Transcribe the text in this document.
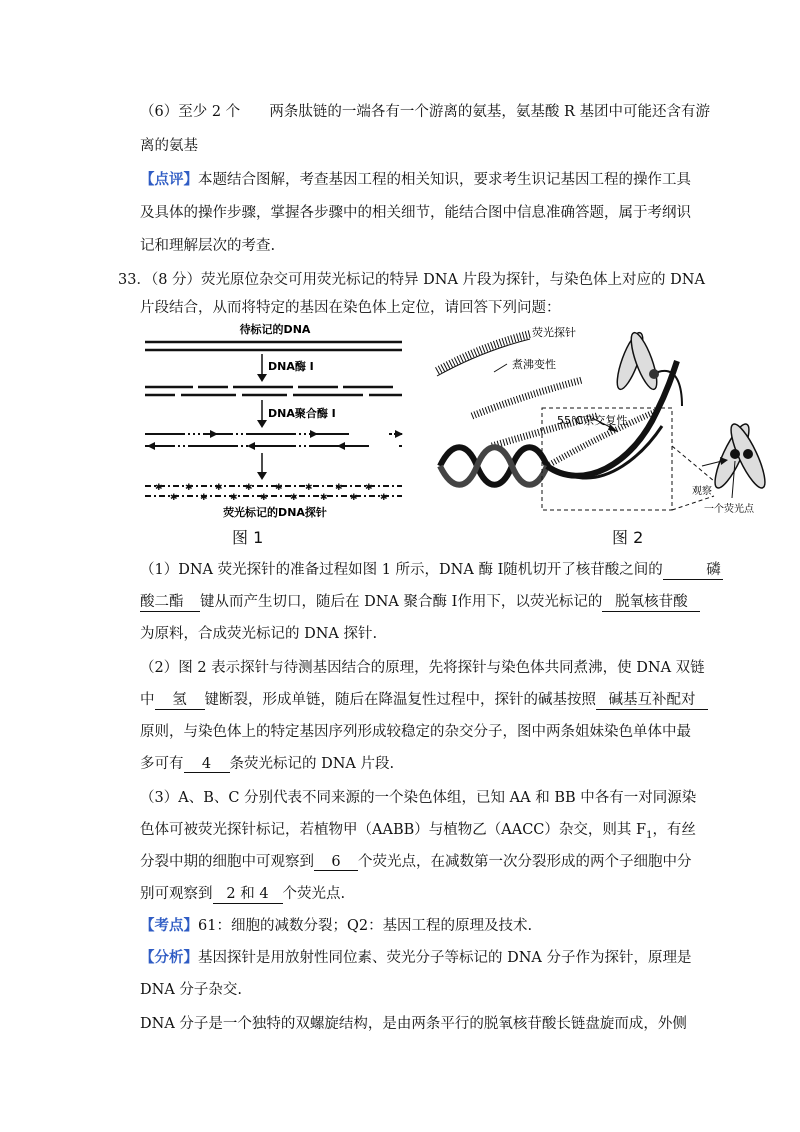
（6）至少 2 个 两条肽链的一端各有一个游离的氨基，氨基酸 R 基团中可能还含有游
离的氨基
【点评】本题结合图解，考查基因工程的相关知识，要求考生识记基因工程的操作工具
及具体的操作步骤，掌握各步骤中的相关细节，能结合图中信息准确答题，属于考纲识
记和理解层次的考查.
33．（8 分）荧光原位杂交可用荧光标记的特异 DNA 片段为探针，与染色体上对应的 DNA
片段结合，从而将特定的基因在染色体上定位，请回答下列问题：
待标记的DNA
DNA酶 I
DNA聚合酶 I
✱ ✱ ✱ ✱ ✱ ✱ ✱ ✱
✱ ✱ ✱ ✱ ✱ ✱ ✱ ✱
荧光标记的DNA探针
图 1
荧光探针
煮沸变性
55℃杂交复性
观察
一个荧光点
图 2
（1）DNA 荧光探针的准备过程如图 1 所示，DNA 酶 Ⅰ随机切开了核苷酸之间的	磷
酸二酯 键从而产生切口，随后在 DNA 聚合酶 Ⅰ作用下，以荧光标记的 脱氧核苷酸
为原料，合成荧光标记的 DNA 探针.
（2）图 2 表示探针与待测基因结合的原理，先将探针与染色体共同煮沸，使 DNA 双链
中 氢 键断裂，形成单链，随后在降温复性过程中，探针的碱基按照 碱基互补配对
原则，与染色体上的特定基因序列形成较稳定的杂交分子，图中两条姐妹染色单体中最
多可有 4 条荧光标记的 DNA 片段.
（3）A、B、C 分别代表不同来源的一个染色体组，已知 AA 和 BB 中各有一对同源染
色体可被荧光探针标记，若植物甲（AABB）与植物乙（AACC）杂交，则其 $F_1$，有丝
分裂中期的细胞中可观察到 6 个荧光点，在减数第一次分裂形成的两个子细胞中分
别可观察到 2 和 4 个荧光点.
【考点】61：细胞的减数分裂；Q2：基因工程的原理及技术.
【分析】基因探针是用放射性同位素、荧光分子等标记的 DNA 分子作为探针，原理是
DNA 分子杂交.
DNA 分子是一个独特的双螺旋结构，是由两条平行的脱氧核苷酸长链盘旋而成，外侧
